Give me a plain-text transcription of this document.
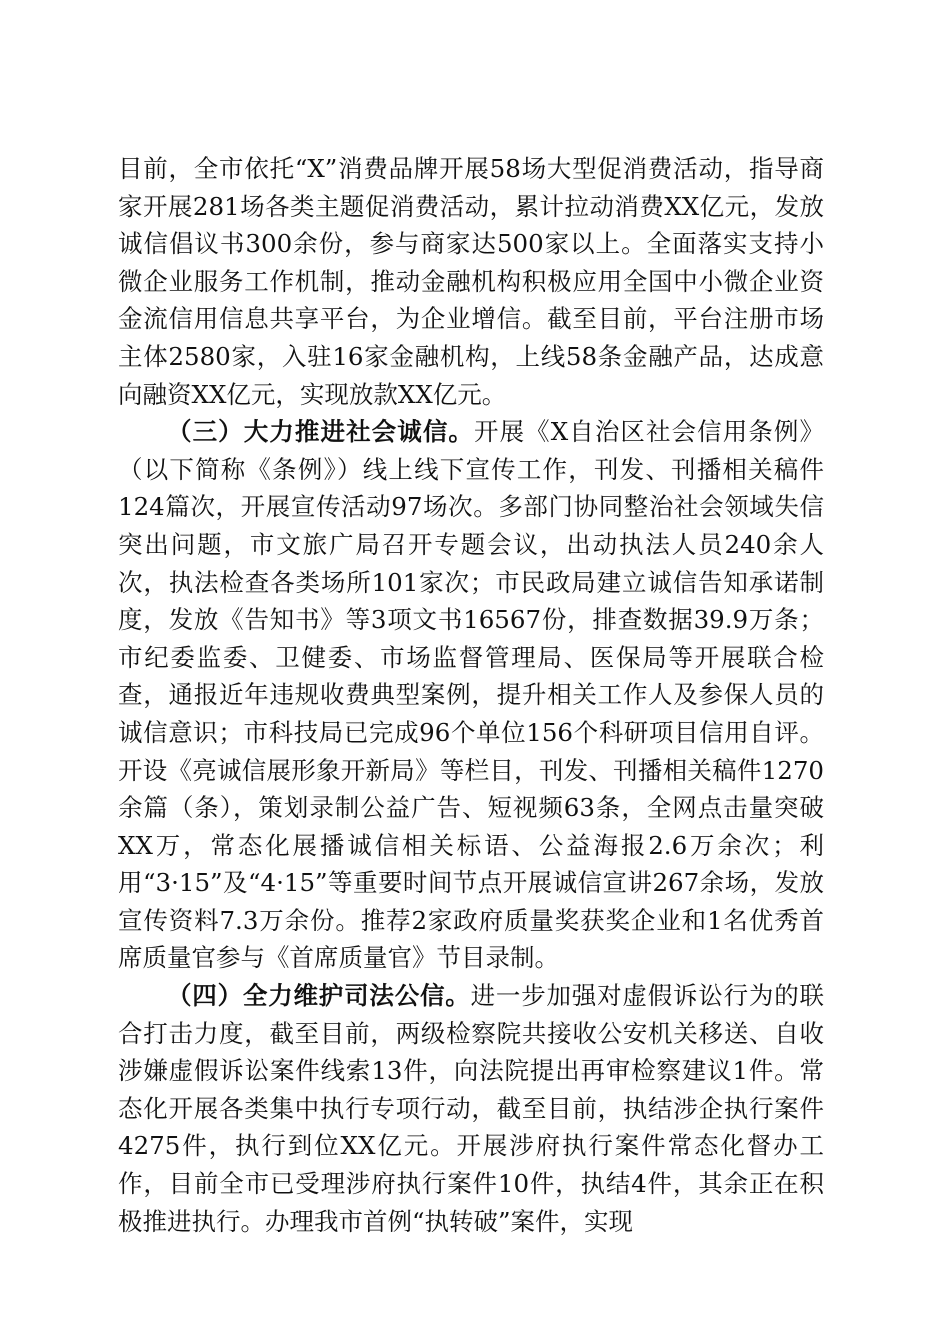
目前，全市依托“X”消费品牌开展58场大型促消费活动，指导商家开展281场各类主题促消费活动，累计拉动消费XX亿元，发放诚信倡议书300余份，参与商家达500家以上。全面落实支持小微企业服务工作机制，推动金融机构积极应用全国中小微企业资金流信用信息共享平台，为企业增信。截至目前，平台注册市场主体2580家，入驻16家金融机构，上线58条金融产品，达成意向融资XX亿元，实现放款XX亿元。

（三）大力推进社会诚信。开展《X自治区社会信用条例》（以下简称《条例》）线上线下宣传工作，刊发、刊播相关稿件124篇次，开展宣传活动97场次。多部门协同整治社会领域失信突出问题，市文旅广局召开专题会议，出动执法人员240余人次，执法检查各类场所101家次；市民政局建立诚信告知承诺制度，发放《告知书》等3项文书16567份，排查数据39.9万条；市纪委监委、卫健委、市场监督管理局、医保局等开展联合检查，通报近年违规收费典型案例，提升相关工作人及参保人员的诚信意识；市科技局已完成96个单位156个科研项目信用自评。开设《亮诚信展形象开新局》等栏目，刊发、刊播相关稿件1270余篇（条），策划录制公益广告、短视频63条，全网点击量突破XX万，常态化展播诚信相关标语、公益海报2.6万余次；利用“3·15”及“4·15”等重要时间节点开展诚信宣讲267余场，发放宣传资料7.3万余份。推荐2家政府质量奖获奖企业和1名优秀首席质量官参与《首席质量官》节目录制。

（四）全力维护司法公信。进一步加强对虚假诉讼行为的联合打击力度，截至目前，两级检察院共接收公安机关移送、自收涉嫌虚假诉讼案件线索13件，向法院提出再审检察建议1件。常态化开展各类集中执行专项行动，截至目前，执结涉企执行案件4275件，执行到位XX亿元。开展涉府执行案件常态化督办工作，目前全市已受理涉府执行案件10件，执结4件，其余正在积极推进执行。办理我市首例“执转破”案件，实现
